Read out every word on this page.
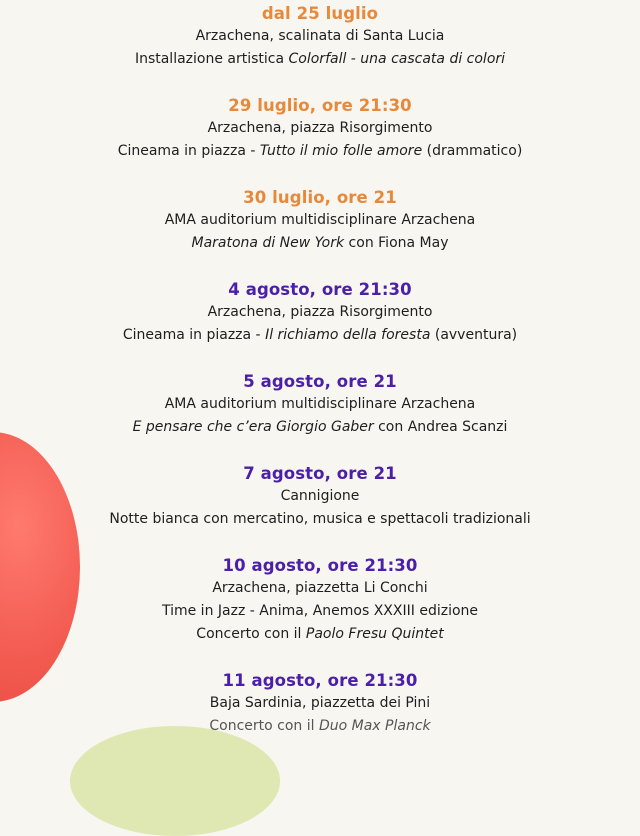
dal 25 luglio
Arzachena, scalinata di Santa Lucia
Installazione artistica Colorfall - una cascata di colori
29 luglio, ore 21:30
Arzachena, piazza Risorgimento
Cineama in piazza - Tutto il mio folle amore (drammatico)
30 luglio, ore 21
AMA auditorium multidisciplinare Arzachena
Maratona di New York con Fiona May
4 agosto, ore 21:30
Arzachena, piazza Risorgimento
Cineama in piazza - Il richiamo della foresta (avventura)
5 agosto, ore 21
AMA auditorium multidisciplinare Arzachena
E pensare che c’era Giorgio Gaber con Andrea Scanzi
7 agosto, ore 21
Cannigione
Notte bianca con mercatino, musica e spettacoli tradizionali
10 agosto, ore 21:30
Arzachena, piazzetta Li Conchi
Time in Jazz - Anima, Anemos XXXIII edizione
Concerto con il Paolo Fresu Quintet
11 agosto, ore 21:30
Baja Sardinia, piazzetta dei Pini
Concerto con il Duo Max Planck
